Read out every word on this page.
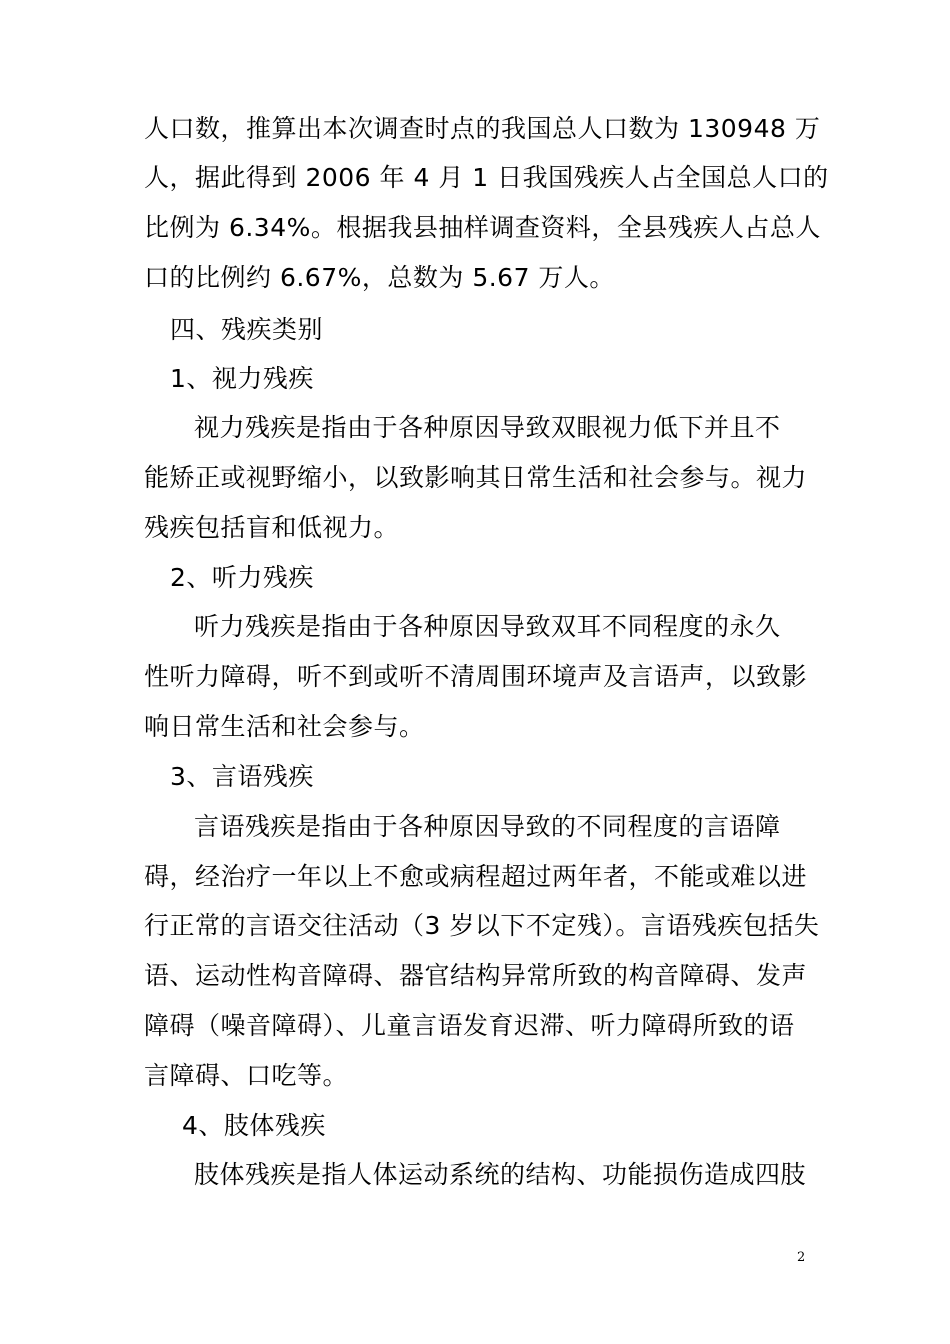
人口数，推算出本次调查时点的我国总人口数为 130948 万
人，据此得到 2006 年 4 月 1 日我国残疾人占全国总人口的
比例为 6.34%。根据我县抽样调查资料，全县残疾人占总人
口的比例约 6.67%，总数为 5.67 万人。
四、残疾类别
1、视力残疾
视力残疾是指由于各种原因导致双眼视力低下并且不
能矫正或视野缩小，以致影响其日常生活和社会参与。视力
残疾包括盲和低视力。
2、听力残疾
听力残疾是指由于各种原因导致双耳不同程度的永久
性听力障碍，听不到或听不清周围环境声及言语声，以致影
响日常生活和社会参与。
3、言语残疾
言语残疾是指由于各种原因导致的不同程度的言语障
碍，经治疗一年以上不愈或病程超过两年者，不能或难以进
行正常的言语交往活动（3 岁以下不定残）。言语残疾包括失
语、运动性构音障碍、器官结构异常所致的构音障碍、发声
障碍（噪音障碍）、儿童言语发育迟滞、听力障碍所致的语
言障碍、口吃等。
4、肢体残疾
肢体残疾是指人体运动系统的结构、功能损伤造成四肢
2
